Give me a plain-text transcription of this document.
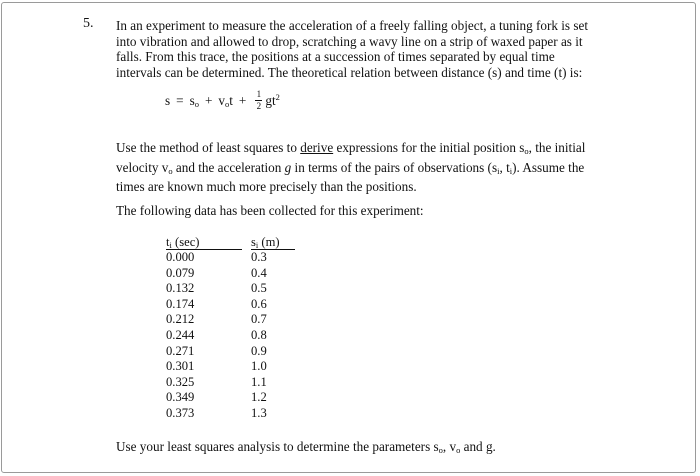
5. In an experiment to measure the acceleration of a freely falling object, a tuning fork is set
into vibration and allowed to drop, scratching a wavy line on a strip of waxed paper as it
falls. From this trace, the positions at a succession of times separated by equal time
intervals can be determined. The theoretical relation between distance (s) and time (t) is:
$s = s_o + v_ot + \frac{1}{2} gt^2$
Use the method of least squares to derive expressions for the initial position $s_o$, the initial
velocity $v_o$ and the acceleration g in terms of the pairs of observations ($s_i$, $t_i$). Assume the
times are known much more precisely than the positions.
The following data has been collected for this experiment:
$t_i$ (sec)	$s_i$ (m)
0.000	0.3
0.079	0.4
0.132	0.5
0.174	0.6
0.212	0.7
0.244	0.8
0.271	0.9
0.301	1.0
0.325	1.1
0.349	1.2
0.373	1.3
Use your least squares analysis to determine the parameters $s_o$, $v_o$ and g.
